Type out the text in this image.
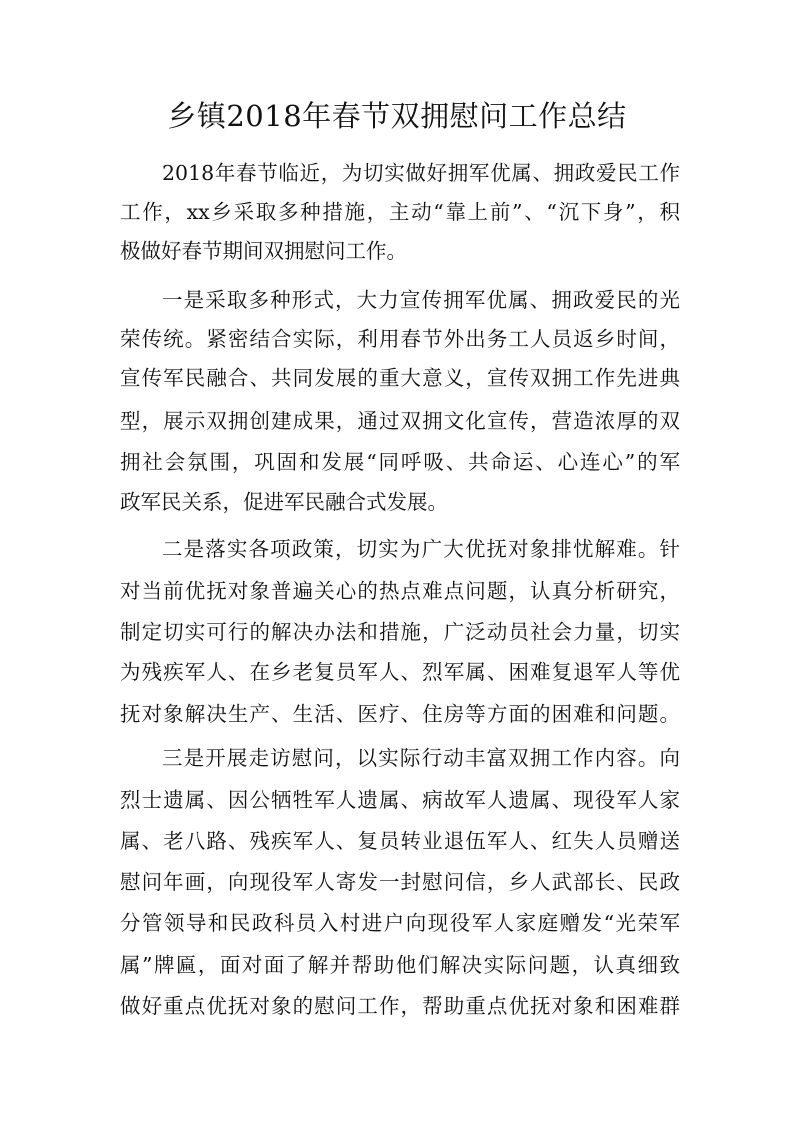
乡镇2018年春节双拥慰问工作总结
2018年春节临近，为切实做好拥军优属、拥政爱民工作
工作，xx乡采取多种措施，主动“靠上前”、“沉下身”，积
极做好春节期间双拥慰问工作。
一是采取多种形式，大力宣传拥军优属、拥政爱民的光
荣传统。紧密结合实际，利用春节外出务工人员返乡时间，
宣传军民融合、共同发展的重大意义，宣传双拥工作先进典
型，展示双拥创建成果，通过双拥文化宣传，营造浓厚的双
拥社会氛围，巩固和发展“同呼吸、共命运、心连心”的军
政军民关系，促进军民融合式发展。
二是落实各项政策，切实为广大优抚对象排忧解难。针
对当前优抚对象普遍关心的热点难点问题，认真分析研究，
制定切实可行的解决办法和措施，广泛动员社会力量，切实
为残疾军人、在乡老复员军人、烈军属、困难复退军人等优
抚对象解决生产、生活、医疗、住房等方面的困难和问题。
三是开展走访慰问，以实际行动丰富双拥工作内容。向
烈士遗属、因公牺牲军人遗属、病故军人遗属、现役军人家
属、老八路、残疾军人、复员转业退伍军人、红失人员赠送
慰问年画，向现役军人寄发一封慰问信，乡人武部长、民政
分管领导和民政科员入村进户向现役军人家庭赠发“光荣军
属”牌匾，面对面了解并帮助他们解决实际问题，认真细致
做好重点优抚对象的慰问工作，帮助重点优抚对象和困难群
